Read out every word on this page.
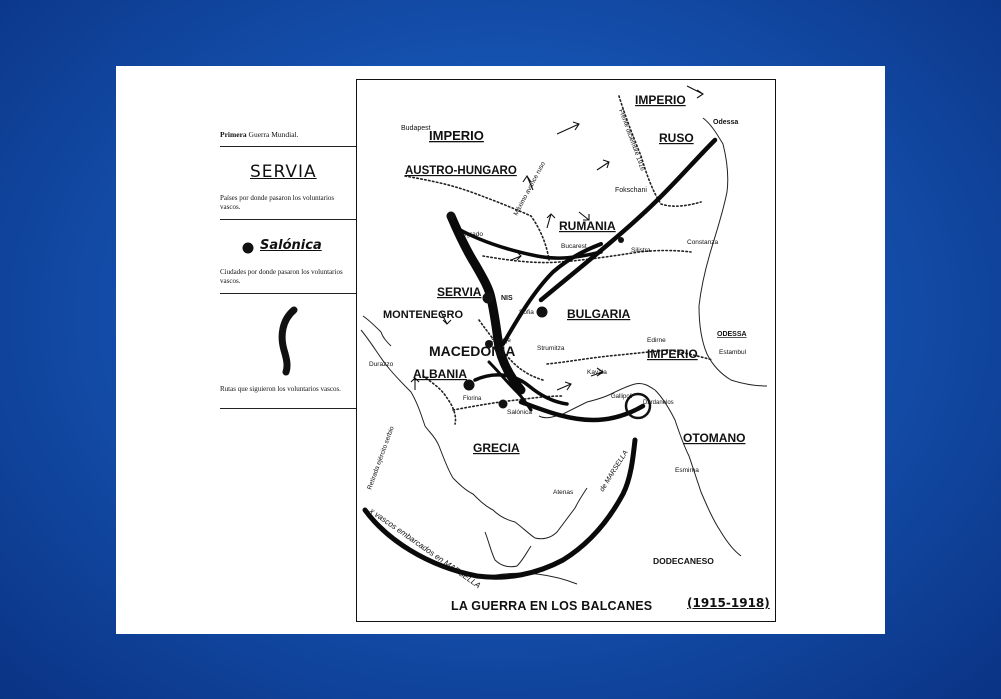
Primera Guerra Mundial.
SERVIA
Países por donde pasaron los voluntarios vascos.
Salónica
Ciudades por donde pasaron los voluntarios vascos.
Rutas que siguieron los voluntarios vascos.
IMPERIO
AUSTRO-HUNGARO
IMPERIO
RUSO
RUMANIA
SERVIA
MONTENEGRO	BULGARIA
MACEDONIA
ALBANIA
IMPERIO
OTOMANO
GRECIA
DODECANESO
Budapest
Odessa
ODESSA
Fokschani
Belgrado
Bucarest
Silistra
Constanza
NIS
Sofia
Skopje
Strumitza
Edirne
Estambul
Durazzo
Kavala
Gallipoli
Dardanelos
Florina
Salónica
Esmirna
Atenas
Máximo avance ruso
Frente diciembre 1916
Retirada ejército serbio	de MARSELLA
x vascos embarcados en MARSELLA
LA GUERRA EN LOS BALCANES	(1915-1918)
